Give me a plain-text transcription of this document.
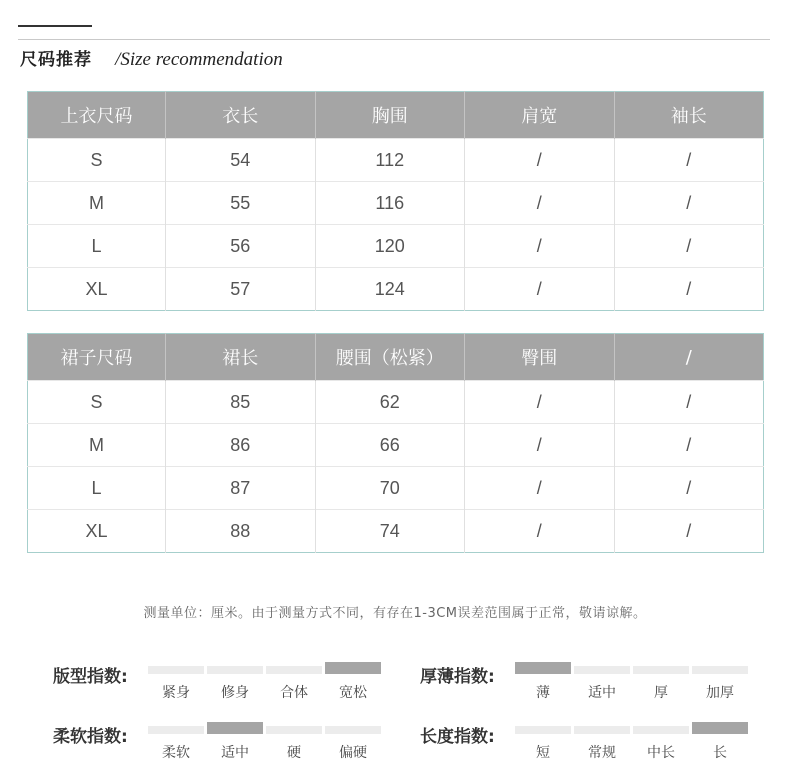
尺码推荐 /Size recommendation
上衣尺码	衣长	胸围	肩宽	袖长
S	54	112	/	/
M	55	116	/	/
L	56	120	/	/
XL	57	124	/	/
裙子尺码	裙长	腰围（松紧）	臀围	/
S	85	62	/	/
M	86	66	/	/
L	87	70	/	/
XL	88	74	/	/
测量单位：厘米。由于测量方式不同，有存在1-3CM误差范围属于正常，敬请谅解。
版型指数:
紧身	修身	合体	宽松
厚薄指数:
薄	适中	厚	加厚
柔软指数:
柔软	适中	硬	偏硬
长度指数:
短	常规	中长	长
